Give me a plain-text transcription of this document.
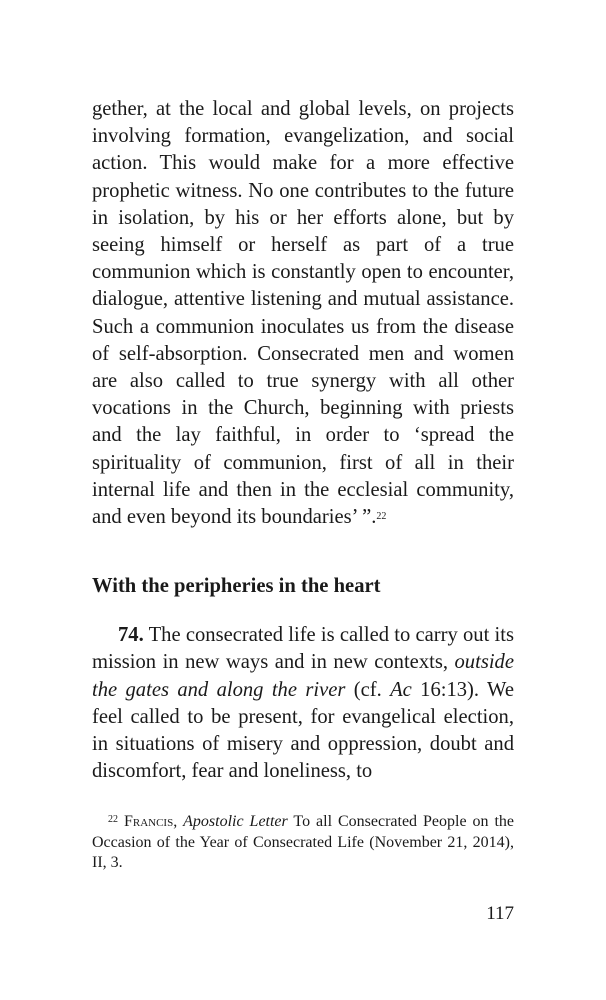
gether, at the local and global levels, on projects involving formation, evangelization, and social action. This would make for a more effective prophetic witness. No one contributes to the future in isolation, by his or her efforts alone, but by seeing himself or herself as part of a true communion which is constantly open to encounter, dialogue, attentive listening and mutual assistance. Such a communion inoculates us from the disease of self-absorption. Consecrated men and women are also called to true synergy with all other vocations in the Church, beginning with priests and the lay faithful, in order to ‘spread the spirituality of communion, first of all in their internal life and then in the ecclesial community, and even beyond its boundaries’ ”.$^{22}$

With the peripheries in the heart

74. The consecrated life is called to carry out its mission in new ways and in new contexts, outside the gates and along the river (cf. Ac 16:13). We feel called to be present, for evangelical election, in situations of misery and oppression, doubt and discomfort, fear and loneliness, to

$^{22}$ Francis, Apostolic Letter To all Consecrated People on the Occasion of the Year of Consecrated Life (November 21, 2014), II, 3.

117
